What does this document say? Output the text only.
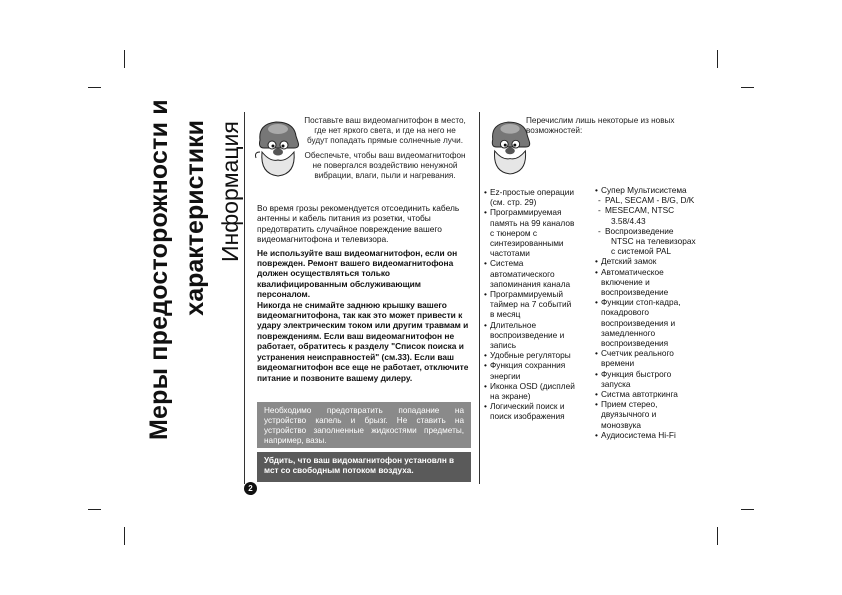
Меры предосторожности и характеристики Информация
Поставьте ваш видеомагнитофон в место,
где нет яркого света, и где на него не
будут попадать прямые солнечные лучи.
Обеспечьте, чтобы ваш видеомагнитофон
не повергался воздействию ненужной
вибрации, влаги, пыли и нагревания.

Во время грозы рекомендуется отсоединить кабель антенны и кабель питания из розетки, чтобы предотвратить случайное повреждение вашего видеомагнитофона и телевизора.

Не используйте ваш видеомагнитофон, если он поврежден. Ремонт вашего видеомагнитофона должен осуществляться только квалифицированным обслуживающим персоналом.

Никогда не снимайте заднюю крышку вашего видеомагнитофона, так как это может привести к удару электрическим током или другим травмам и повреждениям. Если ваш видеомагнитофон не работает, обратитесь к разделу "Список поиска и устранения неисправностей" (см.33). Если ваш видеомагнитофон все еще не работает, отключите питание и позвоните вашему дилеру.

Необходимо предотвратить попадание на устройство капель и брызг. Не ставить на устройство заполненные жидкостями предметы, например, вазы.
Убдить, что ваш видомагнитофон установлн в мст со свободным потоком воздуха.
2
Перечислим лишь некоторые из новых
возможностей:
• Ez-простые операции
(см. стр. 29)
• Программируемая
память на 99 каналов
с тюнером с
синтезированными
частотами
• Система
автоматического
запоминания канала
• Программируемый
таймер на 7 событий
в месяц
• Длительное
воспроизведение и
запись
• Удобные регуляторы
• Функция сохранния
энергии
• Иконка OSD (дисплей
на экране)
• Логический поиск и
поиск изображения
• Супер Мультисистема
- PAL, SECAM - B/G, D/K
- MESECAM, NTSC
3.58/4.43
- Воспроизведение
NTSC на телевизорах
с системой PAL
• Детский замок
• Автоматическое
включение и
воспроизведение
• Функции стоп-кадра,
покадрового
воспроизведения и
замедленного
воспроизведения
• Счетчик реального
времени
• Функция быстрого
запуска
• Систма автотркинга
• Прием стерео,
двуязычного и
монозвука
• Аудиосистема Hi-Fi
